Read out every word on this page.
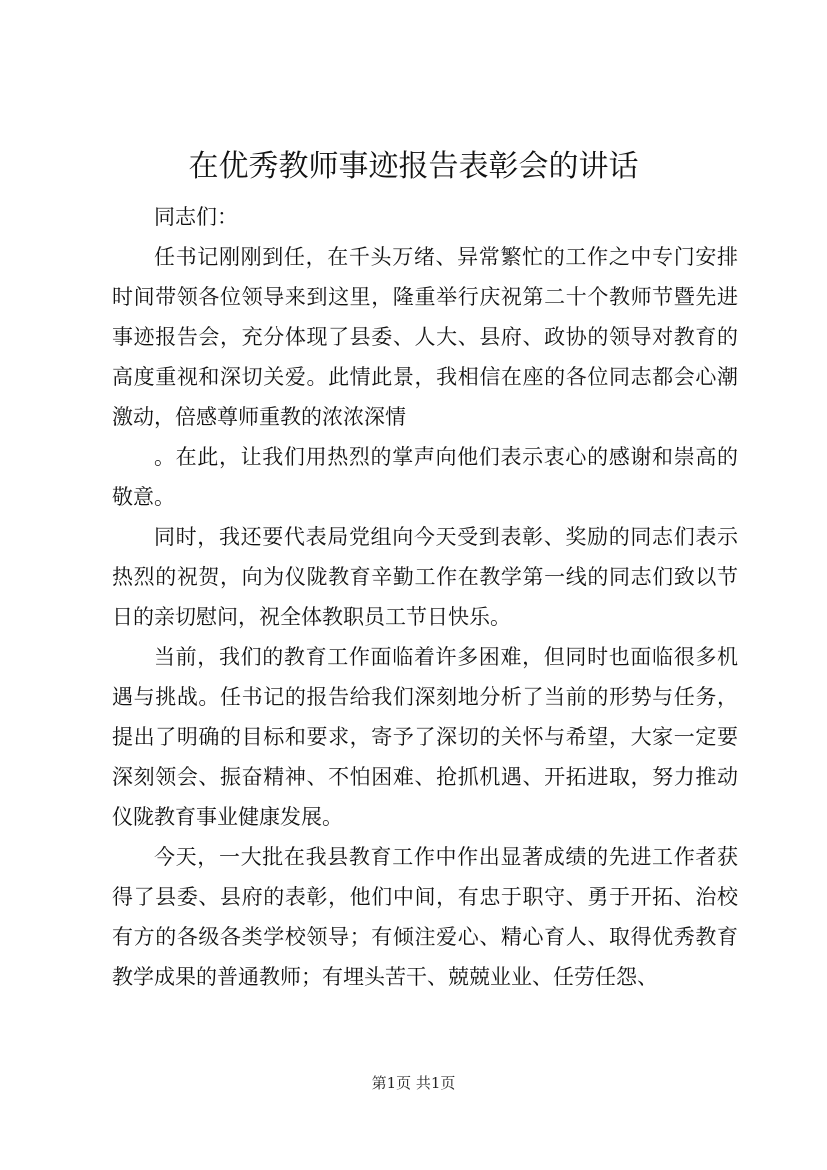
在优秀教师事迹报告表彰会的讲话

同志们：

任书记刚刚到任，在千头万绪、异常繁忙的工作之中专门安排时间带领各位领导来到这里，隆重举行庆祝第二十个教师节暨先进事迹报告会，充分体现了县委、人大、县府、政协的领导对教育的高度重视和深切关爱。此情此景，我相信在座的各位同志都会心潮激动，倍感尊师重教的浓浓深情

。在此，让我们用热烈的掌声向他们表示衷心的感谢和崇高的敬意。

同时，我还要代表局党组向今天受到表彰、奖励的同志们表示热烈的祝贺，向为仪陇教育辛勤工作在教学第一线的同志们致以节日的亲切慰问，祝全体教职员工节日快乐。

当前，我们的教育工作面临着许多困难，但同时也面临很多机遇与挑战。任书记的报告给我们深刻地分析了当前的形势与任务，提出了明确的目标和要求，寄予了深切的关怀与希望，大家一定要深刻领会、振奋精神、不怕困难、抢抓机遇、开拓进取，努力推动仪陇教育事业健康发展。

今天，一大批在我县教育工作中作出显著成绩的先进工作者获得了县委、县府的表彰，他们中间，有忠于职守、勇于开拓、治校有方的各级各类学校领导；有倾注爱心、精心育人、取得优秀教育教学成果的普通教师；有埋头苦干、兢兢业业、任劳任怨、

第1页 共1页
